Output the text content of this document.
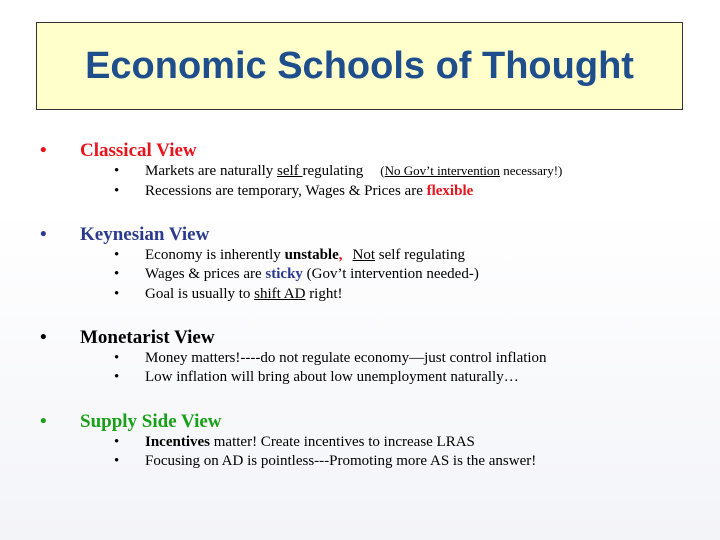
Economic Schools of Thought
• Classical View
• Markets are naturally self regulating (No Gov’t intervention necessary!)
• Recessions are temporary, Wages & Prices are flexible
• Keynesian View
• Economy is inherently unstable, Not self regulating
• Wages & prices are sticky (Gov’t intervention needed-)
• Goal is usually to shift AD right!
• Monetarist View
• Money matters!----do not regulate economy—just control inflation
• Low inflation will bring about low unemployment naturally…
• Supply Side View
• Incentives matter! Create incentives to increase LRAS
• Focusing on AD is pointless---Promoting more AS is the answer!
